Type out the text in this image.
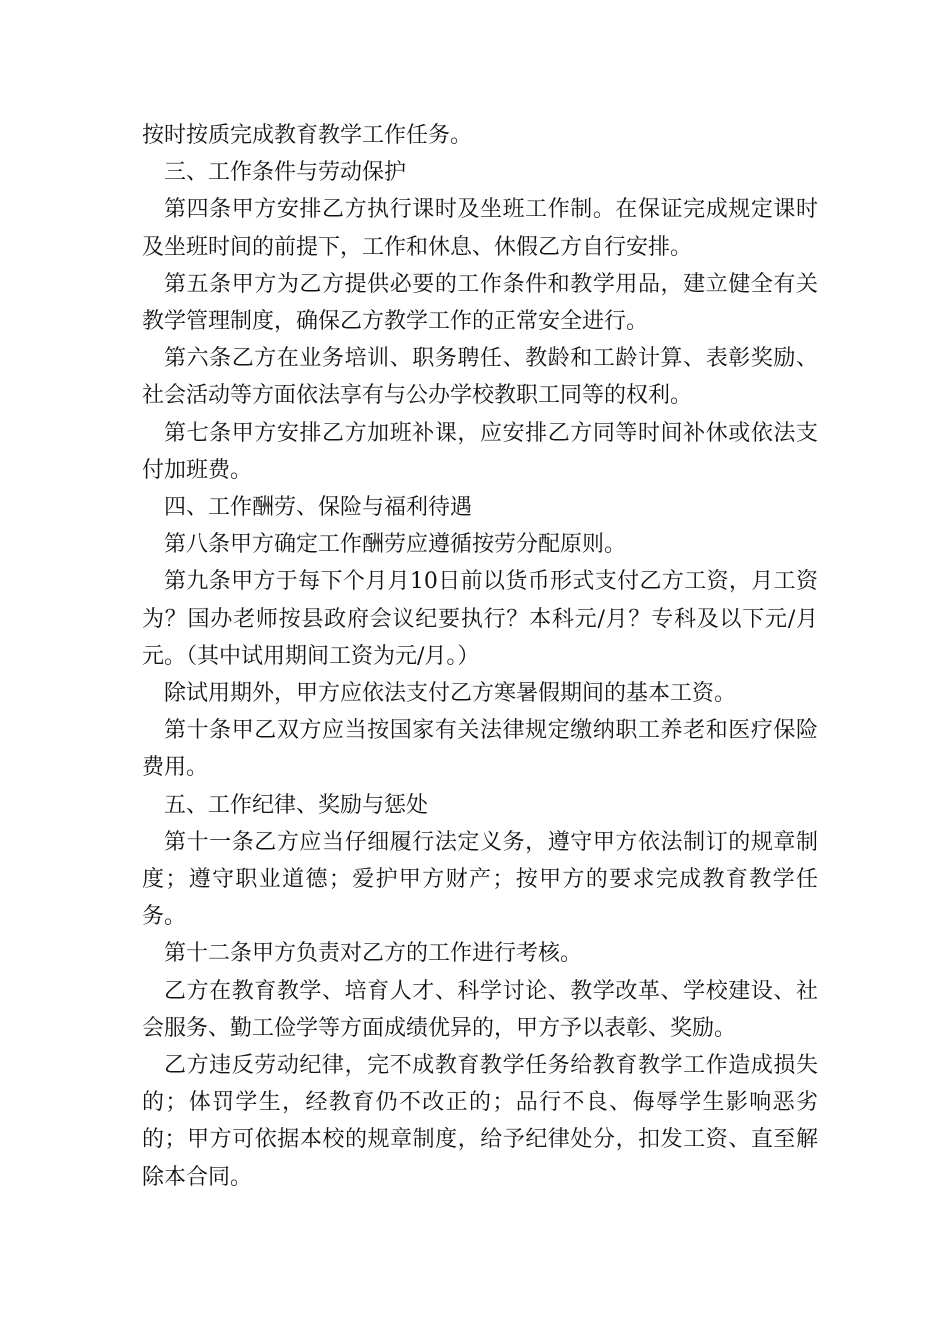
按时按质完成教育教学工作任务。

三、工作条件与劳动保护

第四条甲方安排乙方执行课时及坐班工作制。在保证完成规定课时及坐班时间的前提下，工作和休息、休假乙方自行安排。

第五条甲方为乙方提供必要的工作条件和教学用品，建立健全有关教学管理制度，确保乙方教学工作的正常安全进行。

第六条乙方在业务培训、职务聘任、教龄和工龄计算、表彰奖励、社会活动等方面依法享有与公办学校教职工同等的权利。

第七条甲方安排乙方加班补课，应安排乙方同等时间补休或依法支付加班费。

四、工作酬劳、保险与福利待遇

第八条甲方确定工作酬劳应遵循按劳分配原则。

第九条甲方于每下个月月10日前以货币形式支付乙方工资，月工资为？国办老师按县政府会议纪要执行？本科元/月？专科及以下元/月元。（其中试用期间工资为元/月。）

除试用期外，甲方应依法支付乙方寒暑假期间的基本工资。

第十条甲乙双方应当按国家有关法律规定缴纳职工养老和医疗保险费用。

五、工作纪律、奖励与惩处

第十一条乙方应当仔细履行法定义务，遵守甲方依法制订的规章制度；遵守职业道德；爱护甲方财产；按甲方的要求完成教育教学任务。

第十二条甲方负责对乙方的工作进行考核。

乙方在教育教学、培育人才、科学讨论、教学改革、学校建设、社会服务、勤工俭学等方面成绩优异的，甲方予以表彰、奖励。

乙方违反劳动纪律，完不成教育教学任务给教育教学工作造成损失的；体罚学生，经教育仍不改正的；品行不良、侮辱学生影响恶劣的；甲方可依据本校的规章制度，给予纪律处分，扣发工资、直至解除本合同。
